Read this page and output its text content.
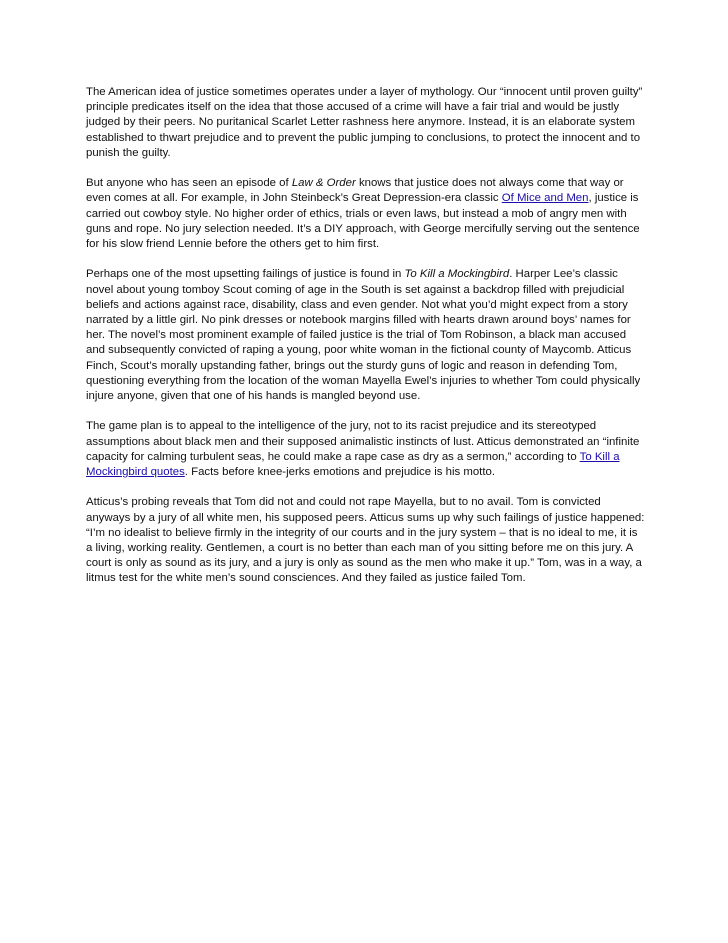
The American idea of justice sometimes operates under a layer of mythology. Our “innocent until proven guilty” principle predicates itself on the idea that those accused of a crime will have a fair trial and would be justly judged by their peers. No puritanical Scarlet Letter rashness here anymore. Instead, it is an elaborate system established to thwart prejudice and to prevent the public jumping to conclusions, to protect the innocent and to punish the guilty.

But anyone who has seen an episode of Law & Order knows that justice does not always come that way or even comes at all. For example, in John Steinbeck’s Great Depression-era classic Of Mice and Men, justice is carried out cowboy style. No higher order of ethics, trials or even laws, but instead a mob of angry men with guns and rope. No jury selection needed. It’s a DIY approach, with George mercifully serving out the sentence for his slow friend Lennie before the others get to him first.

Perhaps one of the most upsetting failings of justice is found in To Kill a Mockingbird. Harper Lee’s classic novel about young tomboy Scout coming of age in the South is set against a backdrop filled with prejudicial beliefs and actions against race, disability, class and even gender. Not what you’d might expect from a story narrated by a little girl. No pink dresses or notebook margins filled with hearts drawn around boys’ names for her. The novel’s most prominent example of failed justice is the trial of Tom Robinson, a black man accused and subsequently convicted of raping a young, poor white woman in the fictional county of Maycomb. Atticus Finch, Scout’s morally upstanding father, brings out the sturdy guns of logic and reason in defending Tom, questioning everything from the location of the woman Mayella Ewel’s injuries to whether Tom could physically injure anyone, given that one of his hands is mangled beyond use.

The game plan is to appeal to the intelligence of the jury, not to its racist prejudice and its stereotyped assumptions about black men and their supposed animalistic instincts of lust. Atticus demonstrated an “infinite capacity for calming turbulent seas, he could make a rape case as dry as a sermon,” according to To Kill a Mockingbird quotes. Facts before knee-jerks emotions and prejudice is his motto.

Atticus’s probing reveals that Tom did not and could not rape Mayella, but to no avail. Tom is convicted anyways by a jury of all white men, his supposed peers. Atticus sums up why such failings of justice happened: “I’m no idealist to believe firmly in the integrity of our courts and in the jury system – that is no ideal to me, it is a living, working reality. Gentlemen, a court is no better than each man of you sitting before me on this jury. A court is only as sound as its jury, and a jury is only as sound as the men who make it up.” Tom, was in a way, a litmus test for the white men’s sound consciences. And they failed as justice failed Tom.
